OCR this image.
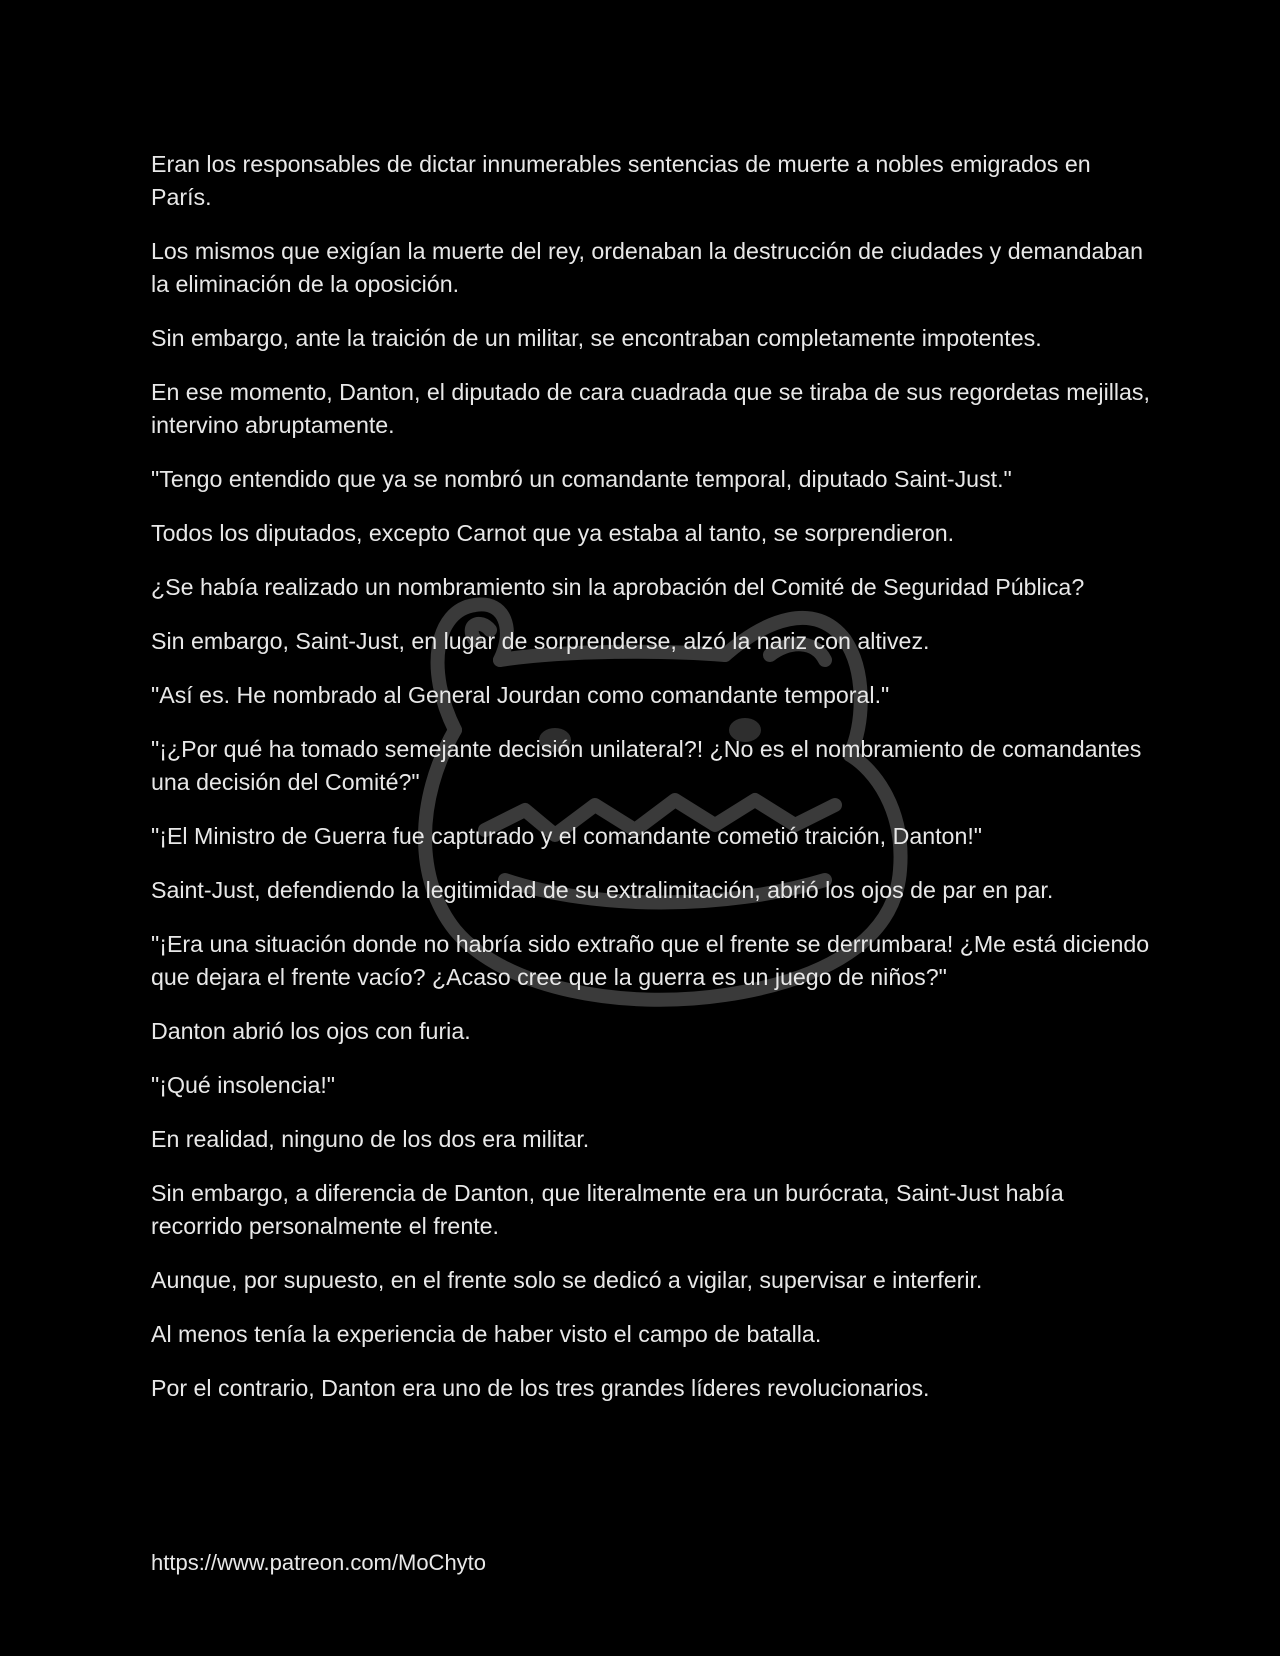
Eran los responsables de dictar innumerables sentencias de muerte a nobles emigrados en París.

Los mismos que exigían la muerte del rey, ordenaban la destrucción de ciudades y demandaban la eliminación de la oposición.

Sin embargo, ante la traición de un militar, se encontraban completamente impotentes.

En ese momento, Danton, el diputado de cara cuadrada que se tiraba de sus regordetas mejillas, intervino abruptamente.

"Tengo entendido que ya se nombró un comandante temporal, diputado Saint-Just."

Todos los diputados, excepto Carnot que ya estaba al tanto, se sorprendieron.

¿Se había realizado un nombramiento sin la aprobación del Comité de Seguridad Pública?

Sin embargo, Saint-Just, en lugar de sorprenderse, alzó la nariz con altivez.

"Así es. He nombrado al General Jourdan como comandante temporal."

"¡¿Por qué ha tomado semejante decisión unilateral?! ¿No es el nombramiento de comandantes una decisión del Comité?"

"¡El Ministro de Guerra fue capturado y el comandante cometió traición, Danton!"

Saint-Just, defendiendo la legitimidad de su extralimitación, abrió los ojos de par en par.

"¡Era una situación donde no habría sido extraño que el frente se derrumbara! ¿Me está diciendo que dejara el frente vacío? ¿Acaso cree que la guerra es un juego de niños?"

Danton abrió los ojos con furia.

"¡Qué insolencia!"

En realidad, ninguno de los dos era militar.

Sin embargo, a diferencia de Danton, que literalmente era un burócrata, Saint-Just había recorrido personalmente el frente.

Aunque, por supuesto, en el frente solo se dedicó a vigilar, supervisar e interferir.

Al menos tenía la experiencia de haber visto el campo de batalla.

Por el contrario, Danton era uno de los tres grandes líderes revolucionarios.

https://www.patreon.com/MoChyto
